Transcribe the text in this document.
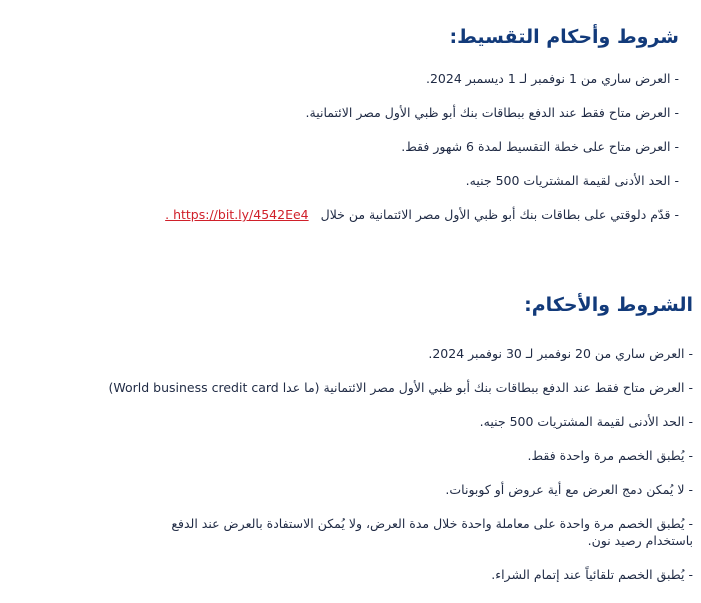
شروط وأحكام التقسيط:
- العرض ساري من 1 نوفمبر لـ 1 ديسمبر 2024.
- العرض متاح فقط عند الدفع ببطاقات بنك أبو ظبي الأول مصر الائتمانية.
- العرض متاح على خطة التقسيط لمدة 6 شهور فقط.
- الحد الأدنى لقيمة المشتريات 500 جنيه.
- قدّم دلوقتي على بطاقات بنك أبو ظبي الأول مصر الائتمانية من خلال . https://bit.ly/4542Ee4
الشروط والأحكام:
- العرض ساري من 20 نوفمبر لـ 30 نوفمبر 2024.
- العرض متاح فقط عند الدفع ببطاقات بنك أبو ظبي الأول مصر الائتمانية (ما عدا World business credit card)
- الحد الأدنى لقيمة المشتريات 500 جنيه.
- يُطبق الخصم مرة واحدة فقط.
- لا يُمكن دمج العرض مع أية عروض أو كوبونات.
- يُطبق الخصم مرة واحدة على معاملة واحدة خلال مدة العرض، ولا يُمكن الاستفادة بالعرض عند الدفع باستخدام رصيد نون.
- يُطبق الخصم تلقائياً عند إتمام الشراء.
